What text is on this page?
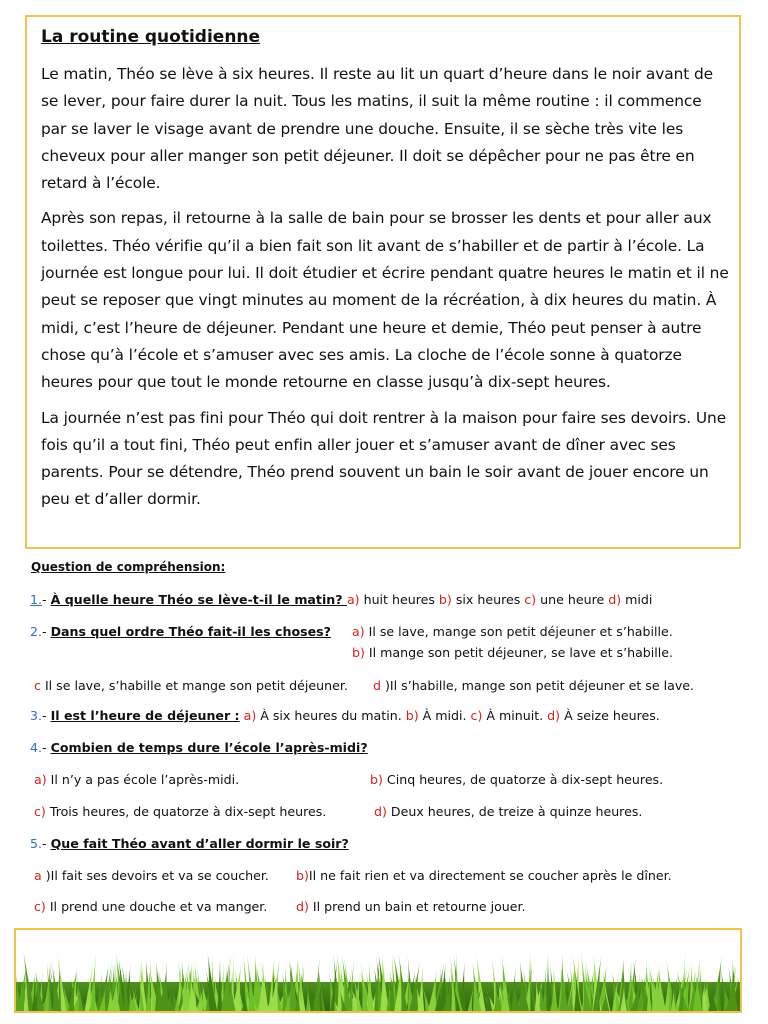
La routine quotidienne

Le matin, Théo se lève à six heures. Il reste au lit un quart d’heure dans le noir avant de se lever, pour faire durer la nuit. Tous les matins, il suit la même routine : il commence par se laver le visage avant de prendre une douche. Ensuite, il se sèche très vite les cheveux pour aller manger son petit déjeuner. Il doit se dépêcher pour ne pas être en retard à l’école.

Après son repas, il retourne à la salle de bain pour se brosser les dents et pour aller aux toilettes. Théo vérifie qu’il a bien fait son lit avant de s’habiller et de partir à l’école. La journée est longue pour lui. Il doit étudier et écrire pendant quatre heures le matin et il ne peut se reposer que vingt minutes au moment de la récréation, à dix heures du matin. À midi, c’est l’heure de déjeuner. Pendant une heure et demie, Théo peut penser à autre chose qu’à l’école et s’amuser avec ses amis. La cloche de l’école sonne à quatorze heures pour que tout le monde retourne en classe jusqu’à dix-sept heures.

La journée n’est pas fini pour Théo qui doit rentrer à la maison pour faire ses devoirs. Une fois qu’il a tout fini, Théo peut enfin aller jouer et s’amuser avant de dîner avec ses parents. Pour se détendre, Théo prend souvent un bain le soir avant de jouer encore un peu et d’aller dormir.

Question de compréhension:
1.- À quelle heure Théo se lève-t-il le matin? a) huit heures b) six heures c) une heure d) midi
2.- Dans quel ordre Théo fait-il les choses? a) Il se lave, mange son petit déjeuner et s’habille.
b) Il mange son petit déjeuner, se lave et s’habille.
c Il se lave, s’habille et mange son petit déjeuner. d )Il s’habille, mange son petit déjeuner et se lave.
3.- Il est l’heure de déjeuner : a) À six heures du matin. b) À midi. c) À minuit. d) À seize heures.
4.- Combien de temps dure l’école l’après-midi?
a) Il n’y a pas école l’après-midi.	b) Cinq heures, de quatorze à dix-sept heures.
c) Trois heures, de quatorze à dix-sept heures.	d) Deux heures, de treize à quinze heures.
5.- Que fait Théo avant d’aller dormir le soir?
a )Il fait ses devoirs et va se coucher. b)Il ne fait rien et va directement se coucher après le dîner.
c) Il prend une douche et va manger. d) Il prend un bain et retourne jouer.
